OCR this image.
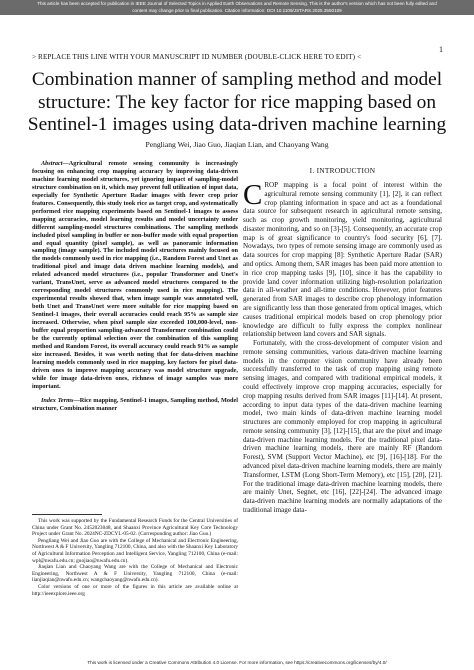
This article has been accepted for publication in IEEE Journal of Selected Topics in Applied Earth Observations and Remote Sensing. This is the author's version which has not been fully edited and
content may change prior to final publication. Citation information: DOI 10.1109/JSTARS.2025.3550109
1
> REPLACE THIS LINE WITH YOUR MANUSCRIPT ID NUMBER (DOUBLE-CLICK HERE TO EDIT) <
Combination manner of sampling method and model structure: The key factor for rice mapping based on Sentinel-1 images using data-driven machine learning
Pengliang Wei, Jiao Guo, Jiaqian Lian, and Chaoyang Wang

Abstract—Agricultural remote sensing community is increasingly focusing on enhancing crop mapping accuracy by improving data-driven machine learning model structures, yet ignoring impact of sampling-model structure combination on it, which may prevent full utilization of input data, especially for Synthetic Aperture Radar images with fewer crop prior features. Consequently, this study took rice as target crop, and systematically performed rice mapping experiments based on Sentinel-1 images to assess mapping accuracies, model learning results and model uncertainty under different sampling-model structures combinations. The sampling methods included pixel sampling in buffer or non-buffer mode with equal proportion and equal quantity (pixel sample), as well as panoramic information sampling (image sample). The included model structures mainly focused on the models commonly used in rice mapping (i.e., Random Forest and Unet as traditional pixel and image data driven machine learning models), and related advanced model structures (i.e., popular Transformer and Unet's variant, TransUnet, serve as advanced model structures compared to the corresponding model structures commonly used in rice mapping). The experimental results showed that, when image sample was annotated well, both Unet and TransUnet were more suitable for rice mapping based on Sentinel-1 images, their overall accuracies could reach 95% as sample size increased. Otherwise, when pixel sample size exceeded 100,000-level, non-buffer equal proportion sampling-advanced Transformer combination could be the currently optimal selection over the combination of this sampling method and Random Forest, its overall accuracy could reach 91% as sample size increased. Besides, it was worth noting that for data-driven machine learning models commonly used in rice mapping, key factors for pixel data-driven ones to improve mapping accuracy was model structure upgrade, while for image data-driven ones, richness of image samples was more important.

Index Terms—Rice mapping, Sentinel-1 images, Sampling method, Model structure, Combination manner

This work was supported by the Fundamental Research Funds for the Central Universities of China under Grant No. 2452023048, and Shaanxi Province Agricultural Key Core Technology Project under Grant No. 2024NC-ZDCYL-05-02. (Corresponding author: Jiao Guo.)

Pengliang Wei and Jiao Guo are with the College of Mechanical and Electronic Engineering, Northwest A & F University, Yangling 712100, China, and also with the Shaanxi Key Laboratory of Agricultural Information Perception and Intelligent Service, Yangling 712100, China (e-mail: wpl@nwafu.edu.cn; guojiao@nwafu.edu.cn).

Jiaqian Lian and Chaoyang Wang are with the College of Mechanical and Electronic Engineering, Northwest A & F University, Yangling 712100, China (e-mail: lianjiaqian@nwafu.edu.cn; wangchaoyang@nwafu.edu.cn).

Color versions of one or more of the figures in this article are available online at http://ieeexplore.ieee.org

I. INTRODUCTION

CROP mapping is a focal point of interest within the agricultural remote sensing community [1], [2], it can reflect crop planting information in space and act as a foundational data source for subsequent research in agricultural remote sensing, such as crop growth monitoring, yield monitoring, agricultural disaster monitoring, and so on [3]-[5]. Consequently, an accurate crop map is of great significance to country's food security [6], [7]. Nowadays, two types of remote sensing image are commonly used as data sources for crop mapping [8]: Synthetic Aperture Radar (SAR) and optics. Among them, SAR images has been paid more attention to in rice crop mapping tasks [9], [10], since it has the capability to provide land cover information utilizing high-resolution polarization data in all-weather and all-time conditions. However, prior features generated from SAR images to describe crop phenology information are significantly less than those generated from optical images, which causes traditional empirical models based on crop phenology prior knowledge are difficult to fully express the complex nonlinear relationship between land covers and SAR signals.

Fortunately, with the cross-development of computer vision and remote sensing communities, various data-driven machine learning models in the computer vision community have already been successfully transferred to the task of crop mapping using remote sensing images, and compared with traditional empirical models, it could effectively improve crop mapping accuracies, especially for crop mapping results derived from SAR images [11]-[14]. At present, according to input data types of the data-driven machine learning model, two main kinds of data-driven machine learning model structures are commonly employed for crop mapping in agricultural remote sensing community [3], [12]-[15], that are the pixel and image data-driven machine learning models. For the traditional pixel data-driven machine learning models, there are mainly RF (Random Forest), SVM (Support Vector Machine), etc [9], [16]-[18]. For the advanced pixel data-driven machine learning models, there are mainly Transformer, LSTM (Long Short-Term Memory), etc [15], [20], [21]. For the traditional image data-driven machine learning models, there are mainly Unet, Segnet, etc [16], [22]-[24]. The advanced image data-driven machine learning models are normally adaptations of the traditional image data-

This work is licensed under a Creative Commons Attribution 4.0 License. For more information, see https://creativecommons.org/licenses/by/4.0/
